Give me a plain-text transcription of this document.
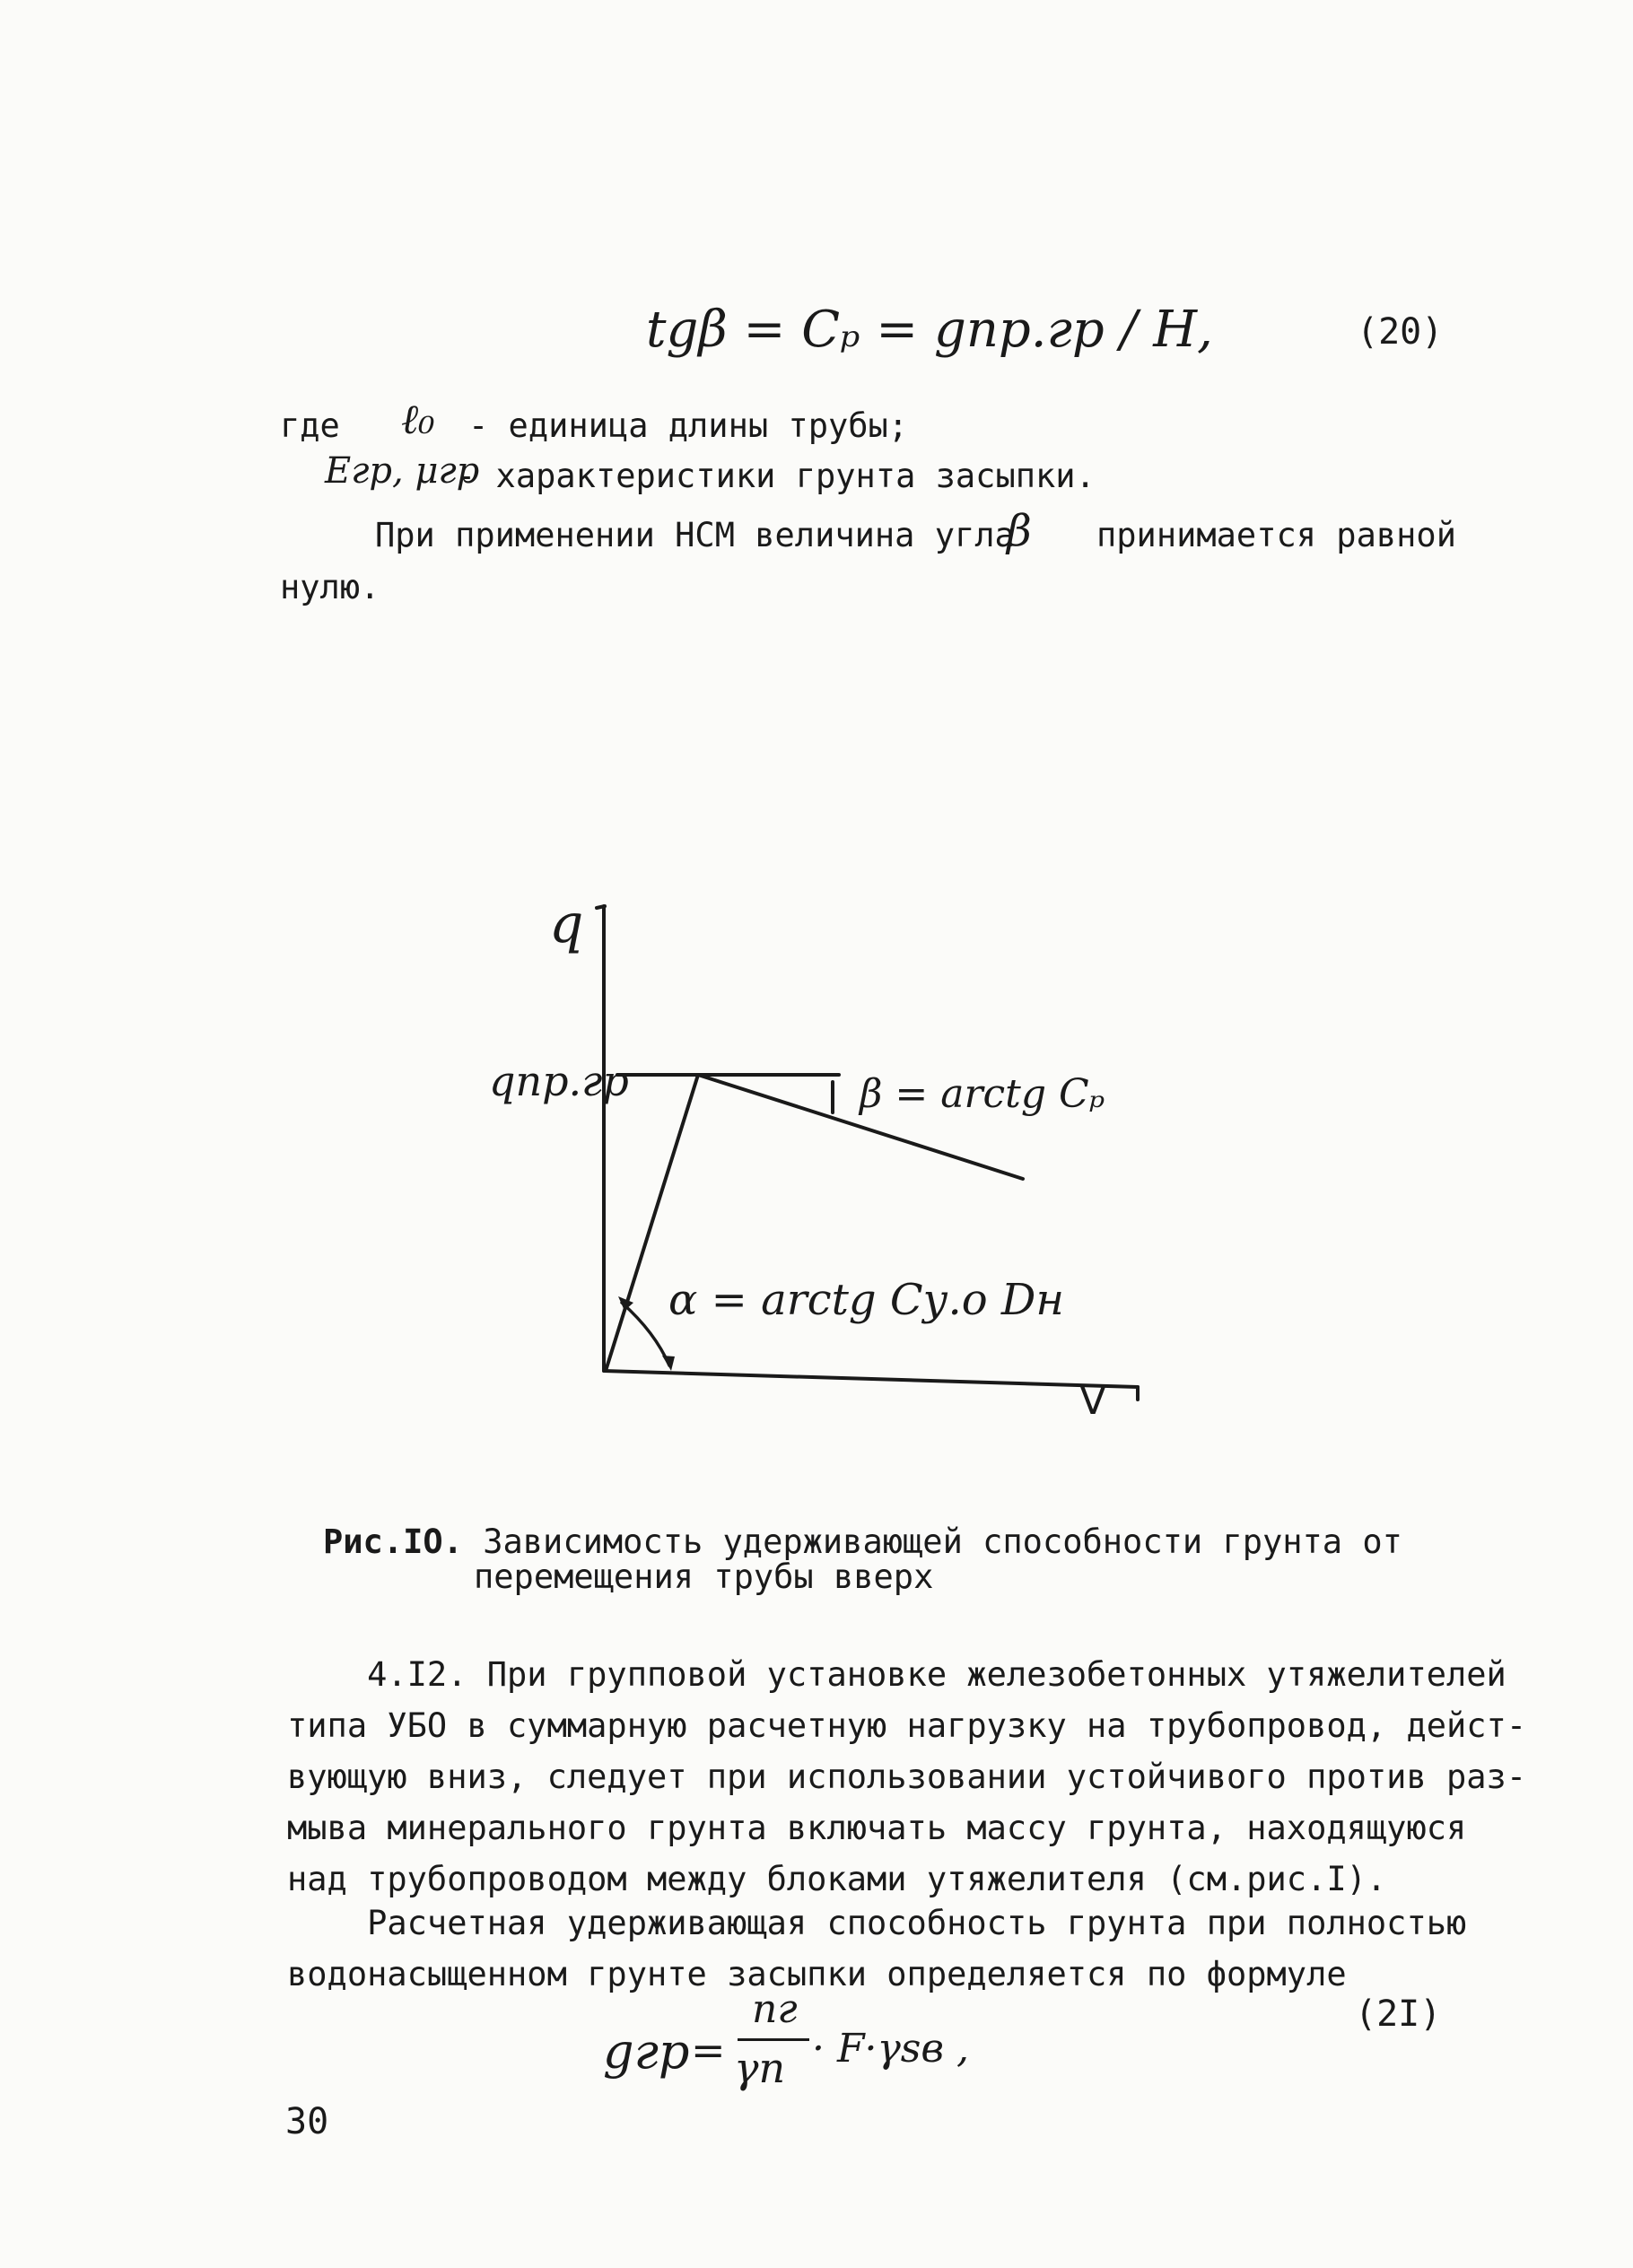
tgβ = Cₚ = gпр.гр / H,	(20)
где ℓ₀ - единица длины трубы;
Eгр, μгр
- характеристики грунта засыпки.
При применении НСМ величина угла
β принимается равной
нулю.
q
V
qпр.гр	β = arctg Cₚ
α = arctg Cу.о Dн
Рис.IO. Зависимость удерживающей способности грунта от
перемещения трубы вверх
4.I2. При групповой установке железобетонных утяжелителей
типа УБО в суммарную расчетную нагрузку на трубопровод, дейст-
вующую вниз, следует при использовании устойчивого против раз-
мыва минерального грунта включать массу грунта, находящуюся
над трубопроводом между блоками утяжелителя (см.рис.I).
Расчетная удерживающая способность грунта при полностью
водонасыщенном грунте засыпки определяется по формуле
gгр =
nг
γn · F·γsв ,
(2I)
30
